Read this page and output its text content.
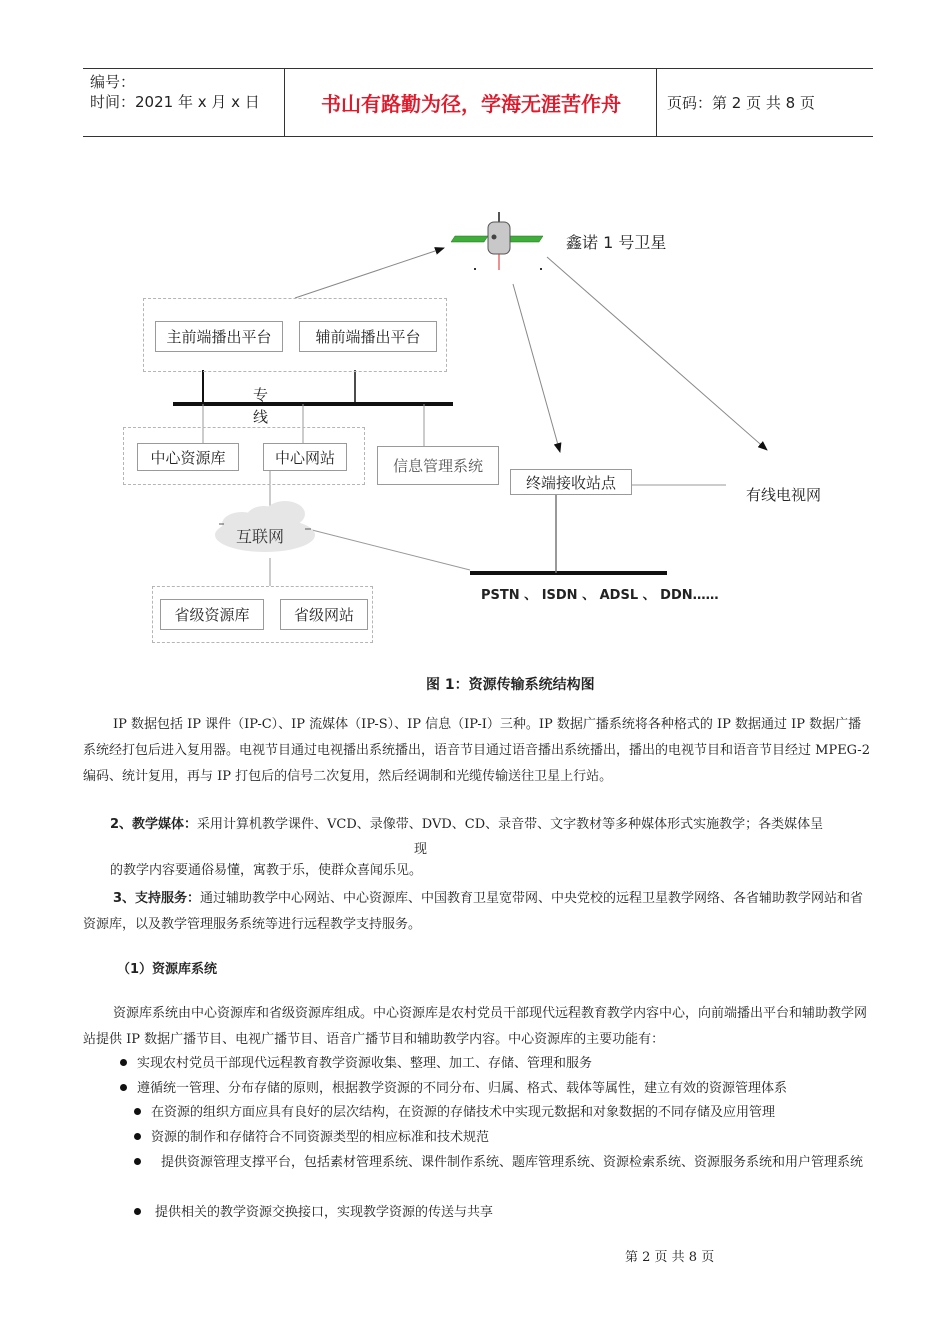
编号：
时间：2021 年 x 月 x 日	书山有路勤为径，学海无涯苦作舟	页码：第 2 页 共 8 页
鑫诺 1 号卫星
主前端播出平台	辅前端播出平台
专线
中心资源库	中心网站	信息管理系统
终端接收站点
有线电视网
互联网
PSTN 、 ISDN 、 ADSL 、 DDN……
省级资源库	省级网站
图 1：资源传输系统结构图
IP 数据包括 IP 课件（IP-C）、IP 流媒体（IP-S）、IP 信息（IP-I）三种。IP 数据广播系统将各种格式的 IP 数据通过 IP 数据广播系统经打包后进入复用器。电视节目通过电视播出系统播出，语音节目通过语音播出系统播出，播出的电视节目和语音节目经过 MPEG-2 编码、统计复用，再与 IP 打包后的信号二次复用，然后经调制和光缆传输送往卫星上行站。
2、教学媒体：采用计算机教学课件、VCD、录像带、DVD、CD、录音带、文字教材等多种媒体形式实施教学；各类媒体呈
现
的教学内容要通俗易懂，寓教于乐，使群众喜闻乐见。
3、支持服务：通过辅助教学中心网站、中心资源库、中国教育卫星宽带网、中央党校的远程卫星教学网络、各省辅助教学网站和省资源库，以及教学管理服务系统等进行远程教学支持服务。
（1）资源库系统
资源库系统由中心资源库和省级资源库组成。中心资源库是农村党员干部现代远程教育教学内容中心，向前端播出平台和辅助教学网站提供 IP 数据广播节目、电视广播节目、语音广播节目和辅助教学内容。中心资源库的主要功能有：
实现农村党员干部现代远程教育教学资源收集、整理、加工、存储、管理和服务
遵循统一管理、分布存储的原则，根据教学资源的不同分布、归属、格式、载体等属性，建立有效的资源管理体系
在资源的组织方面应具有良好的层次结构，在资源的存储技术中实现元数据和对象数据的不同存储及应用管理
资源的制作和存储符合不同资源类型的相应标准和技术规范
提供资源管理支撑平台，包括素材管理系统、课件制作系统、题库管理系统、资源检索系统、资源服务系统和用户管理系统
提供相关的教学资源交换接口，实现教学资源的传送与共享
第 2 页 共 8 页
